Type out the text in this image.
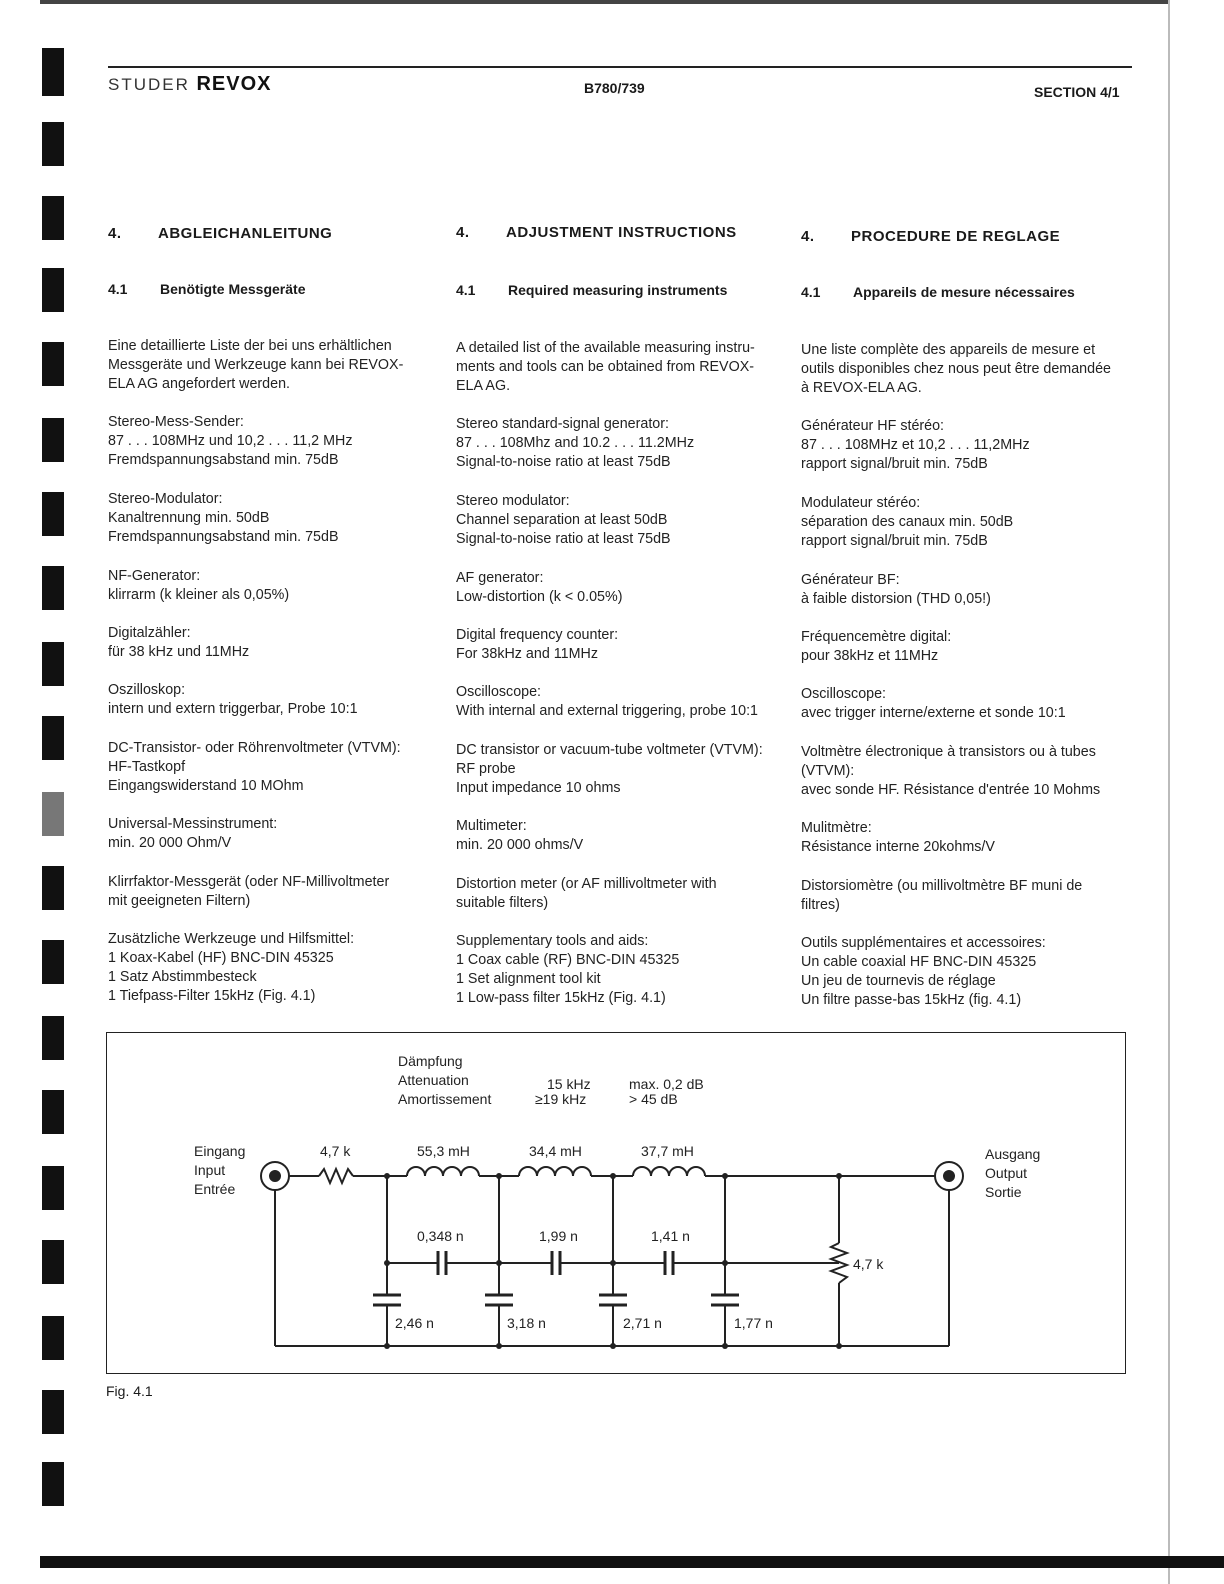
STUDER REVOX	B780/739	SECTION 4/1
4. ABGLEICHANLEITUNG
4.1 Benötigte Messgeräte
Eine detaillierte Liste der bei uns erhältlichen
Messgeräte und Werkzeuge kann bei REVOX-
ELA AG angefordert werden.
Stereo-Mess-Sender:
87 . . . 108MHz und 10,2 . . . 11,2 MHz
Fremdspannungsabstand min. 75dB
Stereo-Modulator:
Kanaltrennung min. 50dB
Fremdspannungsabstand min. 75dB
NF-Generator:
klirrarm (k kleiner als 0,05%)
Digitalzähler:
für 38 kHz und 11MHz
Oszilloskop:
intern und extern triggerbar, Probe 10:1
DC-Transistor- oder Röhrenvoltmeter (VTVM):
HF-Tastkopf
Eingangswiderstand 10 MOhm
Universal-Messinstrument:
min. 20 000 Ohm/V
Klirrfaktor-Messgerät (oder NF-Millivoltmeter
mit geeigneten Filtern)
Zusätzliche Werkzeuge und Hilfsmittel:
1 Koax-Kabel (HF) BNC-DIN 45325
1 Satz Abstimmbesteck
1 Tiefpass-Filter 15kHz (Fig. 4.1)
4. ADJUSTMENT INSTRUCTIONS
4.1 Required measuring instruments
A detailed list of the available measuring instru-
ments and tools can be obtained from REVOX-
ELA AG.
Stereo standard-signal generator:
87 . . . 108Mhz and 10.2 . . . 11.2MHz
Signal-to-noise ratio at least 75dB
Stereo modulator:
Channel separation at least 50dB
Signal-to-noise ratio at least 75dB
AF generator:
Low-distortion (k < 0.05%)
Digital frequency counter:
For 38kHz and 11MHz
Oscilloscope:
With internal and external triggering, probe 10:1
DC transistor or vacuum-tube voltmeter (VTVM):
RF probe
Input impedance 10 ohms
Multimeter:
min. 20 000 ohms/V
Distortion meter (or AF millivoltmeter with
suitable filters)
Supplementary tools and aids:
1 Coax cable (RF) BNC-DIN 45325
1 Set alignment tool kit
1 Low-pass filter 15kHz (Fig. 4.1)
4. PROCEDURE DE REGLAGE
4.1 Appareils de mesure nécessaires
Une liste complète des appareils de mesure et
outils disponibles chez nous peut être demandée
à REVOX-ELA AG.
Générateur HF stéréo:
87 . . . 108MHz et 10,2 . . . 11,2MHz
rapport signal/bruit min. 75dB
Modulateur stéréo:
séparation des canaux min. 50dB
rapport signal/bruit min. 75dB
Générateur BF:
à faible distorsion (THD 0,05!)
Fréquencemètre digital:
pour 38kHz et 11MHz
Oscilloscope:
avec trigger interne/externe et sonde 10:1
Voltmètre électronique à transistors ou à tubes
(VTVM):
avec sonde HF. Résistance d'entrée 10 Mohms
Mulitmètre:
Résistance interne 20kohms/V
Distorsiomètre (ou millivoltmètre BF muni de
filtres)
Outils supplémentaires et accessoires:
Un cable coaxial HF BNC-DIN 45325
Un jeu de tournevis de réglage
Un filtre passe-bas 15kHz (fig. 4.1)
Dämpfung
Attenuation
Amortissement
15 kHz
≥19 kHz
max. 0,2 dB
> 45 dB
Eingang
Input
Entrée
Ausgang
Output
Sortie
4,7 k	55,3 mH	34,4 mH	37,7 mH
0,348 n	1,99 n	1,41 n
2,46 n	3,18 n	2,71 n	1,77 n
4,7 k
Fig. 4.1
